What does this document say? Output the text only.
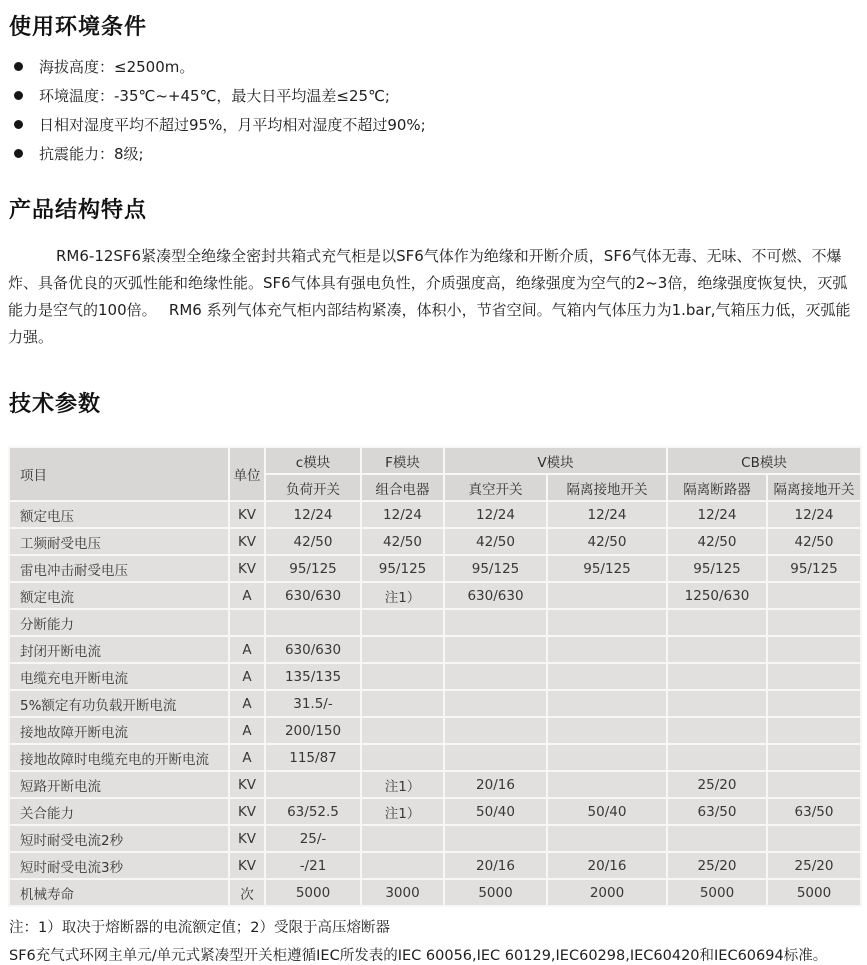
使用环境条件
海拔高度：≤2500m。
环境温度：-35℃~+45℃，最大日平均温差≤25℃;
日相对湿度平均不超过95%，月平均相对湿度不超过90%;
抗震能力：8级;
产品结构特点

RM6-12SF6紧凑型全绝缘全密封共箱式充气柜是以SF6气体作为绝缘和开断介质，SF6气体无毒、无味、不可燃、不爆炸、具备优良的灭弧性能和绝缘性能。SF6气体具有强电负性，介质强度高，绝缘强度为空气的2~3倍，绝缘强度恢复快，灭弧能力是空气的100倍。　 RM6 系列气体充气柜内部结构紧凑，体积小，节省空间。气箱内气体压力为1.bar,气箱压力低，灭弧能力强。

技术参数
项目	单位	c模块	F模块	V模块		CB模块	
		负荷开关	组合电器	真空开关	隔离接地开关	隔离断路器	隔离接地开关
额定电压	KV	12/24	12/24	12/24	12/24	12/24	12/24
工频耐受电压	KV	42/50	42/50	42/50	42/50	42/50	42/50
雷电冲击耐受电压	KV	95/125	95/125	95/125	95/125	95/125	95/125
额定电流	A	630/630	注1）	630/630		1250/630	
分断能力							
封闭开断电流	A	630/630					
电缆充电开断电流	A	135/135					
5%额定有功负载开断电流	A	31.5/-					
接地故障开断电流	A	200/150					
接地故障时电缆充电的开断电流	A	115/87					
短路开断电流	KV		注1）	20/16		25/20	
关合能力	KV	63/52.5	注1）	50/40	50/40	63/50	63/50
短时耐受电流2秒	KV	25/-					
短时耐受电流3秒	KV	-/21		20/16	20/16	25/20	25/20
机械寿命	次	5000	3000	5000	2000	5000	5000

注：1）取决于熔断器的电流额定值；2）受限于高压熔断器

SF6充气式环网主单元/单元式紧凑型开关柜遵循IEC所发表的IEC 60056,IEC 60129,IEC60298,IEC60420和IEC60694标准。
